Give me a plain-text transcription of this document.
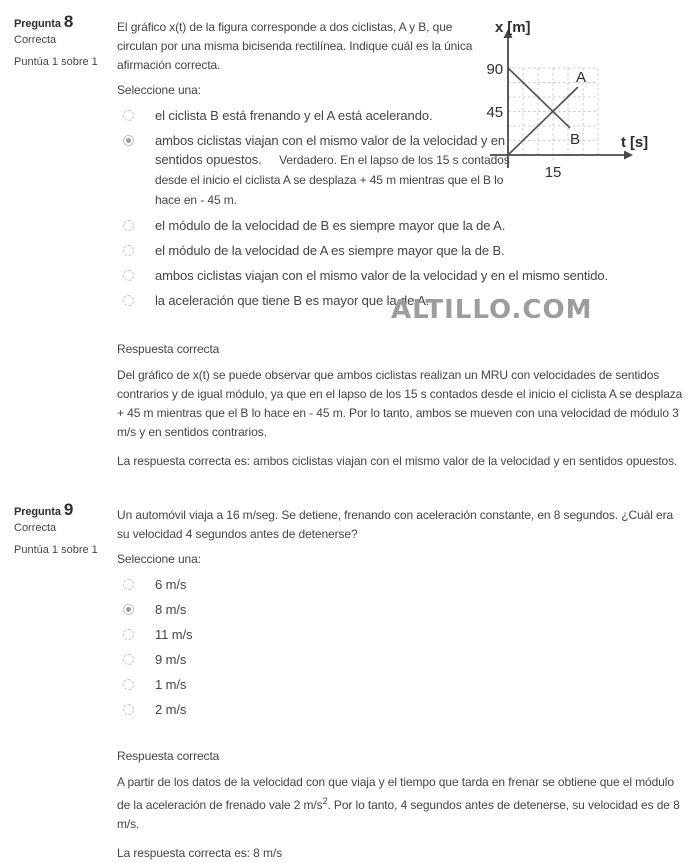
Pregunta 8
Correcta
Puntúa 1 sobre 1
x [m]
t [s]
90
45
15
A
B

El gráfico x(t) de la figura corresponde a dos ciclistas, A y B, que circulan por una misma bicisenda rectilínea. Indique cuál es la única afirmación correcta.

Seleccione una:

el ciclista B está frenando y el A está acelerando.
ambos ciclistas viajan con el mismo valor de la velocidad y en sentidos opuestos. Verdadero. En el lapso de los 15 s contados desde el inicio el ciclista A se desplaza + 45 m mientras que el B lo hace en - 45 m.
el módulo de la velocidad de B es siempre mayor que la de A.
el módulo de la velocidad de A es siempre mayor que la de B.
ambos ciclistas viajan con el mismo valor de la velocidad y en el mismo sentido.
la aceleración que tiene B es mayor que la de A.
ALTILLO.COM

Respuesta correcta

Del gráfico de x(t) se puede observar que ambos ciclistas realizan un MRU con velocidades de sentidos contrarios y de igual módulo, ya que en el lapso de los 15 s contados desde el inicio el ciclista A se desplaza + 45 m mientras que el B lo hace en - 45 m. Por lo tanto, ambos se mueven con una velocidad de módulo 3 m/s y en sentidos contrarios.

La respuesta correcta es: ambos ciclistas viajan con el mismo valor de la velocidad y en sentidos opuestos.

Pregunta 9
Correcta
Puntúa 1 sobre 1

Un automóvil viaja a 16 m/seg. Se detiene, frenando con aceleración constante, en 8 segundos. ¿Cuál era su velocidad 4 segundos antes de detenerse?

Seleccione una:

6 m/s
8 m/s
11 m/s
9 m/s
1 m/s
2 m/s

Respuesta correcta

A partir de los datos de la velocidad con que viaja y el tiempo que tarda en frenar se obtiene que el módulo de la aceleración de frenado vale 2 $m/s^2$. Por lo tanto, 4 segundos antes de detenerse, su velocidad es de 8 m/s.

La respuesta correcta es: 8 m/s
